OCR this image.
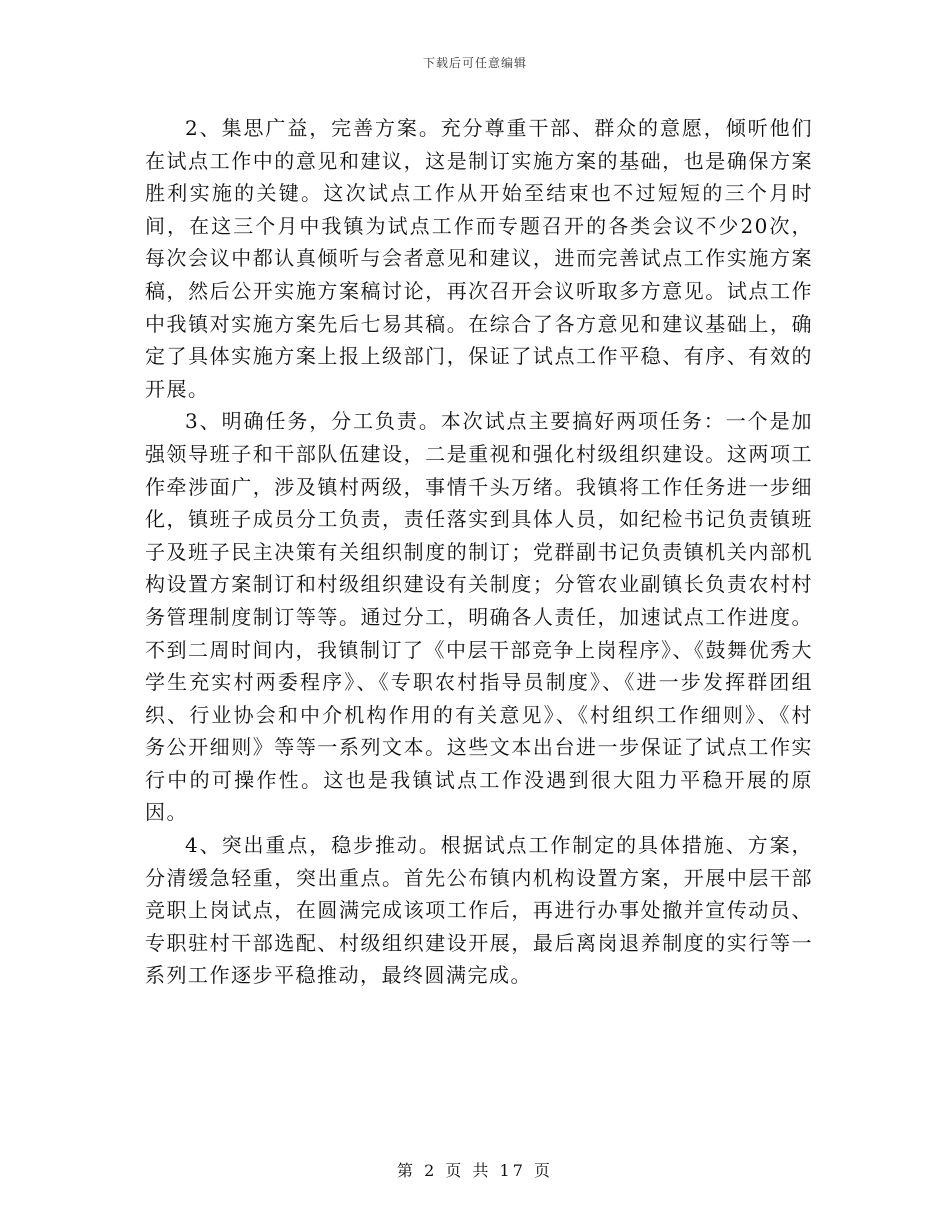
下载后可任意编辑

2、集思广益，完善方案。充分尊重干部、群众的意愿，倾听他们在试点工作中的意见和建议，这是制订实施方案的基础，也是确保方案胜利实施的关键。这次试点工作从开始至结束也不过短短的三个月时间，在这三个月中我镇为试点工作而专题召开的各类会议不少20次，每次会议中都认真倾听与会者意见和建议，进而完善试点工作实施方案稿，然后公开实施方案稿讨论，再次召开会议听取多方意见。试点工作中我镇对实施方案先后七易其稿。在综合了各方意见和建议基础上，确定了具体实施方案上报上级部门，保证了试点工作平稳、有序、有效的开展。

3、明确任务，分工负责。本次试点主要搞好两项任务：一个是加强领导班子和干部队伍建设，二是重视和强化村级组织建设。这两项工作牵涉面广，涉及镇村两级，事情千头万绪。我镇将工作任务进一步细化，镇班子成员分工负责，责任落实到具体人员，如纪检书记负责镇班子及班子民主决策有关组织制度的制订；党群副书记负责镇机关内部机构设置方案制订和村级组织建设有关制度；分管农业副镇长负责农村村务管理制度制订等等。通过分工，明确各人责任，加速试点工作进度。不到二周时间内，我镇制订了《中层干部竞争上岗程序》、《鼓舞优秀大学生充实村两委程序》、《专职农村指导员制度》、《进一步发挥群团组织、行业协会和中介机构作用的有关意见》、《村组织工作细则》、《村务公开细则》等等一系列文本。这些文本出台进一步保证了试点工作实行中的可操作性。这也是我镇试点工作没遇到很大阻力平稳开展的原因。

4、突出重点，稳步推动。根据试点工作制定的具体措施、方案，分清缓急轻重，突出重点。首先公布镇内机构设置方案，开展中层干部竞职上岗试点，在圆满完成该项工作后，再进行办事处撤并宣传动员、专职驻村干部选配、村级组织建设开展，最后离岗退养制度的实行等一系列工作逐步平稳推动，最终圆满完成。

第 2 页 共 17 页
